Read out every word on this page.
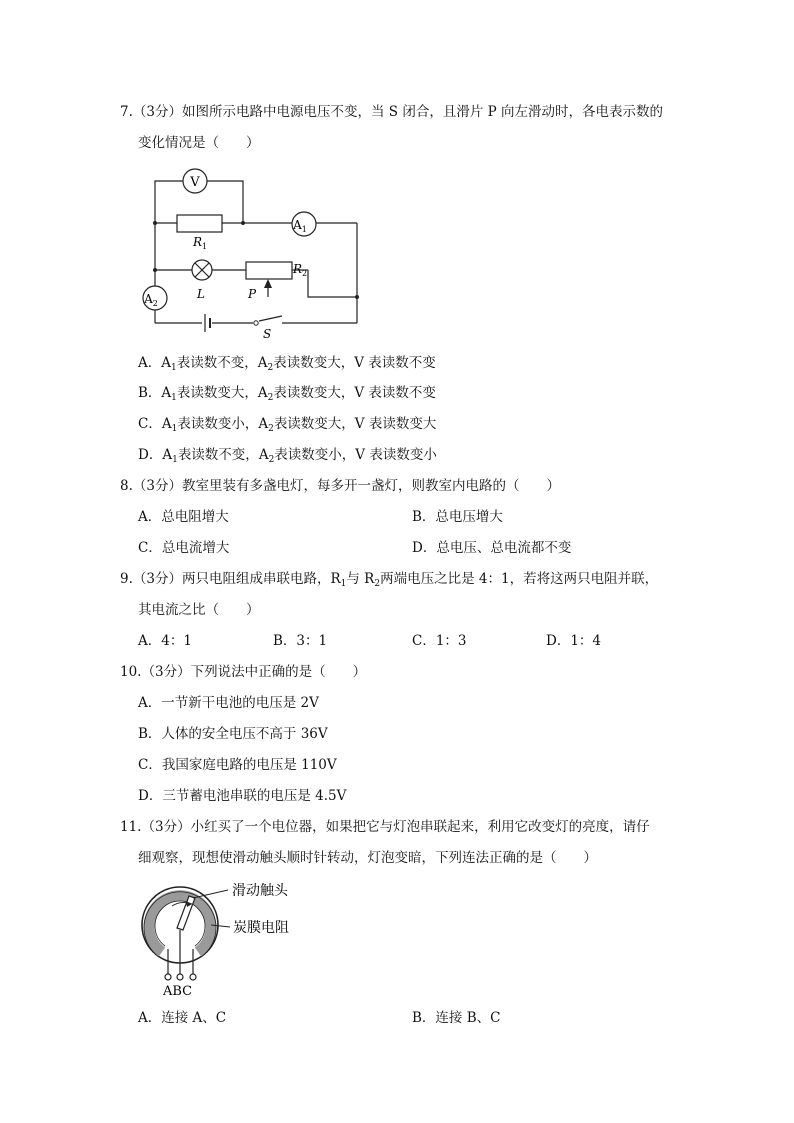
7.（3分）如图所示电路中电源电压不变，当 S 闭合，且滑片 P 向左滑动时，各电表示数的
变化情况是（　　）
V
$A_1$
$A_2$
$R_1$
$R_2$
L	P
S
A．$A_1$表读数不变，$A_2$表读数变大，V 表读数不变
B．$A_1$表读数变大，$A_2$表读数变大，V 表读数不变
C．$A_1$表读数变小，$A_2$表读数变大，V 表读数变大
D．$A_1$表读数不变，$A_2$表读数变小，V 表读数变小
8.（3分）教室里装有多盏电灯，每多开一盏灯，则教室内电路的（　　）
A．总电阻增大	B．总电压增大
C．总电流增大	D．总电压、总电流都不变
9.（3分）两只电阻组成串联电路，$R_1$与 $R_2$两端电压之比是 4：1，若将这两只电阻并联，
其电流之比（　　）
A．4：1	B．3：1	C．1：3	D．1：4
10.（3分）下列说法中正确的是（　　）
A．一节新干电池的电压是 2V
B．人体的安全电压不高于 36V
C．我国家庭电路的电压是 110V
D．三节蓄电池串联的电压是 4.5V
11.（3分）小红买了一个电位器，如果把它与灯泡串联起来，利用它改变灯的亮度，请仔
细观察，现想使滑动触头顺时针转动，灯泡变暗，下列连法正确的是（　　）
滑动触头
炭膜电阻
ABC
A．连接 A、C	B．连接 B、C
